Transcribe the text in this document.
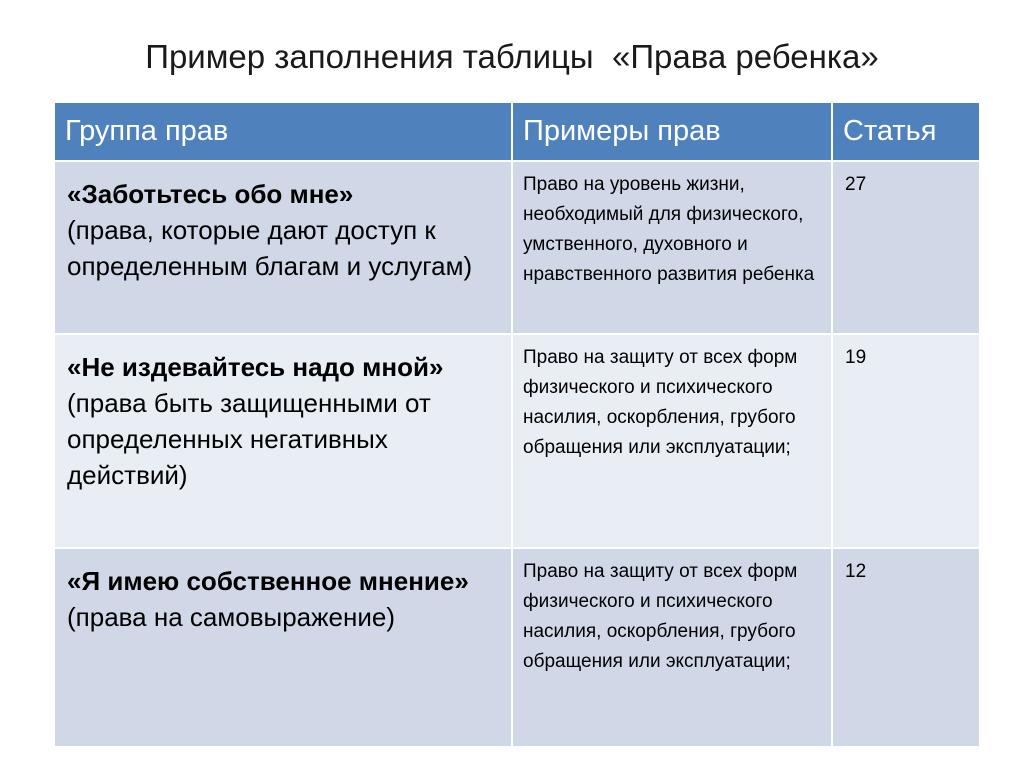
Пример заполнения таблицы  «Права ребенка»
Группа прав	Примеры прав	Статья

«Заботьтесь обо мне»
(права, которые дают доступ к определенным благам и услугам)	Право на уровень жизни, необходимый для физического, умственного, духовного и нравственного развития ребенка	27

«Не издевайтесь надо мной»
(права быть защищенными от определенных негативных действий)	Право на защиту от всех форм физического и психического насилия, оскорбления, грубого обращения или эксплуатации;	19

«Я имею собственное мнение»
(права на самовыражение)	Право на защиту от всех форм физического и психического насилия, оскорбления, грубого обращения или эксплуатации;	12
